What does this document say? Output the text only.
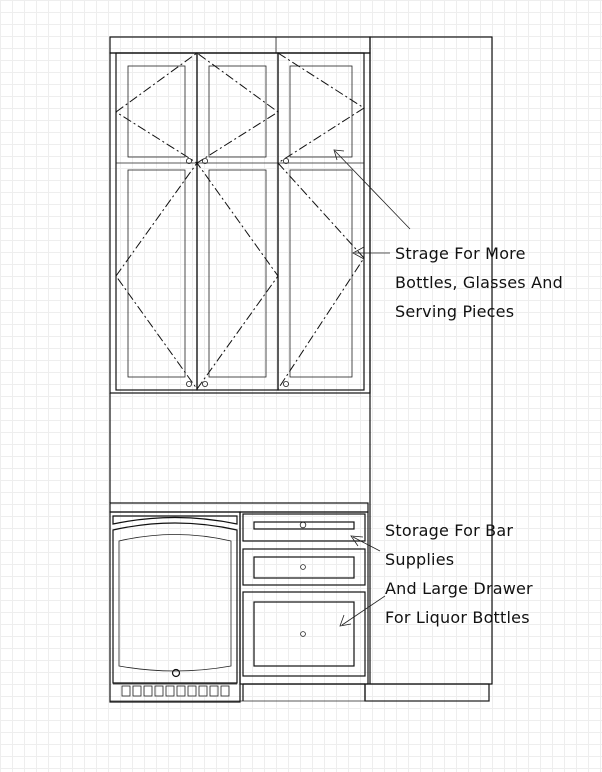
Strage For More
Bottles, Glasses And
Serving Pieces
Storage For Bar
Supplies
And Large Drawer
For Liquor Bottles
